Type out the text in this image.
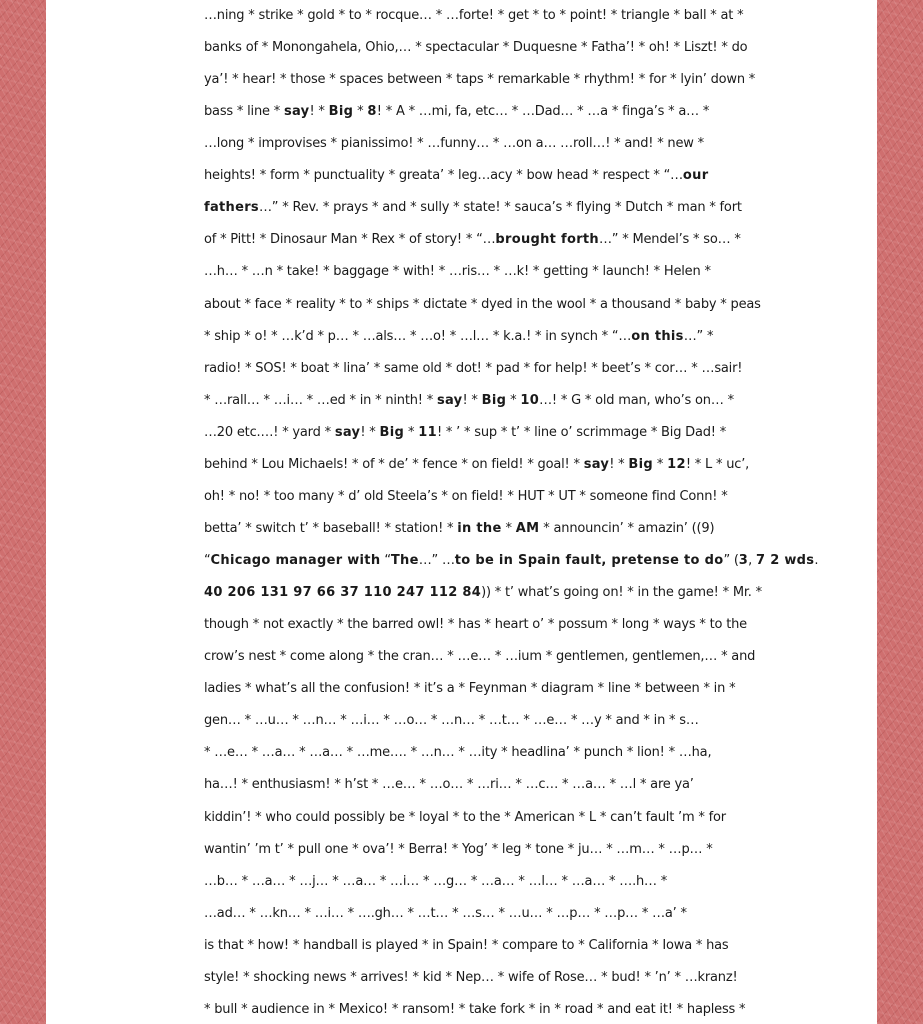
…ning * strike * gold * to * rocque… * …forte! * get * to * point! * triangle * ball * at *
banks of * Monongahela, Ohio,… * spectacular * Duquesne * Fatha’! * oh! * Liszt! * do
ya’! * hear! * those * spaces between * taps * remarkable * rhythm! * for * lyin’ down *
bass * line * say! * Big * 8! * A * …mi, fa, etc… * …Dad… * …a * finga’s * a… *
…long * improvises * pianissimo! * …funny… * …on a… …roll…! * and! * new *
heights! * form * punctuality * greata’ * leg…acy * bow head * respect * “…our
fathers…” * Rev. * prays * and * sully * state! * sauca’s * flying * Dutch * man * fort
of * Pitt! * Dinosaur Man * Rex * of story! * “…brought forth…” * Mendel’s * so… *
…h… * …n * take! * baggage * with! * …ris… * …k! * getting * launch! * Helen *
about * face * reality * to * ships * dictate * dyed in the wool * a thousand * baby * peas
* ship * o! * …k’d * p… * …als… * …o! * …l… * k.a.! * in synch * “…on this…” *
radio! * SOS! * boat * lina’ * same old * dot! * pad * for help! * beet’s * cor… * …sair!
* …rall… * …i… * …ed * in * ninth! * say! * Big * 10…! * G * old man, who’s on… *
…20 etc.…! * yard * say! * Big * 11! * ’ * sup * t’ * line o’ scrimmage * Big Dad! *
behind * Lou Michaels! * of * de’ * fence * on field! * goal! * say! * Big * 12! * L * uc’,
oh! * no! * too many * d’ old Steela’s * on field! * HUT * UT * someone find Conn! *
betta’ * switch t’ * baseball! * station! * in the * AM * announcin’ * amazin’ ((9)
“Chicago manager with “The…” …to be in Spain fault, pretense to do” (3, 7 2 wds.
40 206 131 97 66 37 110 247 112 84)) * t’ what’s going on! * in the game! * Mr. *
though * not exactly * the barred owl! * has * heart o’ * possum * long * ways * to the
crow’s nest * come along * the cran… * …e… * …ium * gentlemen, gentlemen,… * and
ladies * what’s all the confusion! * it’s a * Feynman * diagram * line * between * in *
gen… * …u… * …n… * …i… * …o… * …n… * …t… * …e… * …y * and * in * s…
* …e… * …a… * …a… * …me…. * …n… * …ity * headlina’ * punch * lion! * …ha,
ha…! * enthusiasm! * h’st * …e… * …o… * …ri… * …c… * …a… * …l * are ya’
kiddin’! * who could possibly be * loyal * to the * American * L * can’t fault ’m * for
wantin’ ’m t’ * pull one * ova’! * Berra! * Yog’ * leg * tone * ju… * …m… * …p… *
…b… * …a… * …j… * …a… * …i… * …g… * …a… * …l… * …a… * ….h… *
…ad… * …kn… * …i… * ….gh… * …t… * …s… * …u… * …p… * …p… * …a’ *
is that * how! * handball is played * in Spain! * compare to * California * Iowa * has
style! * shocking news * arrives! * kid * Nep… * wife of Rose… * bud! * ’n’ * …kranz!
* bull * audience in * Mexico! * ransom! * take fork * in * road * and eat it! * hapless *
